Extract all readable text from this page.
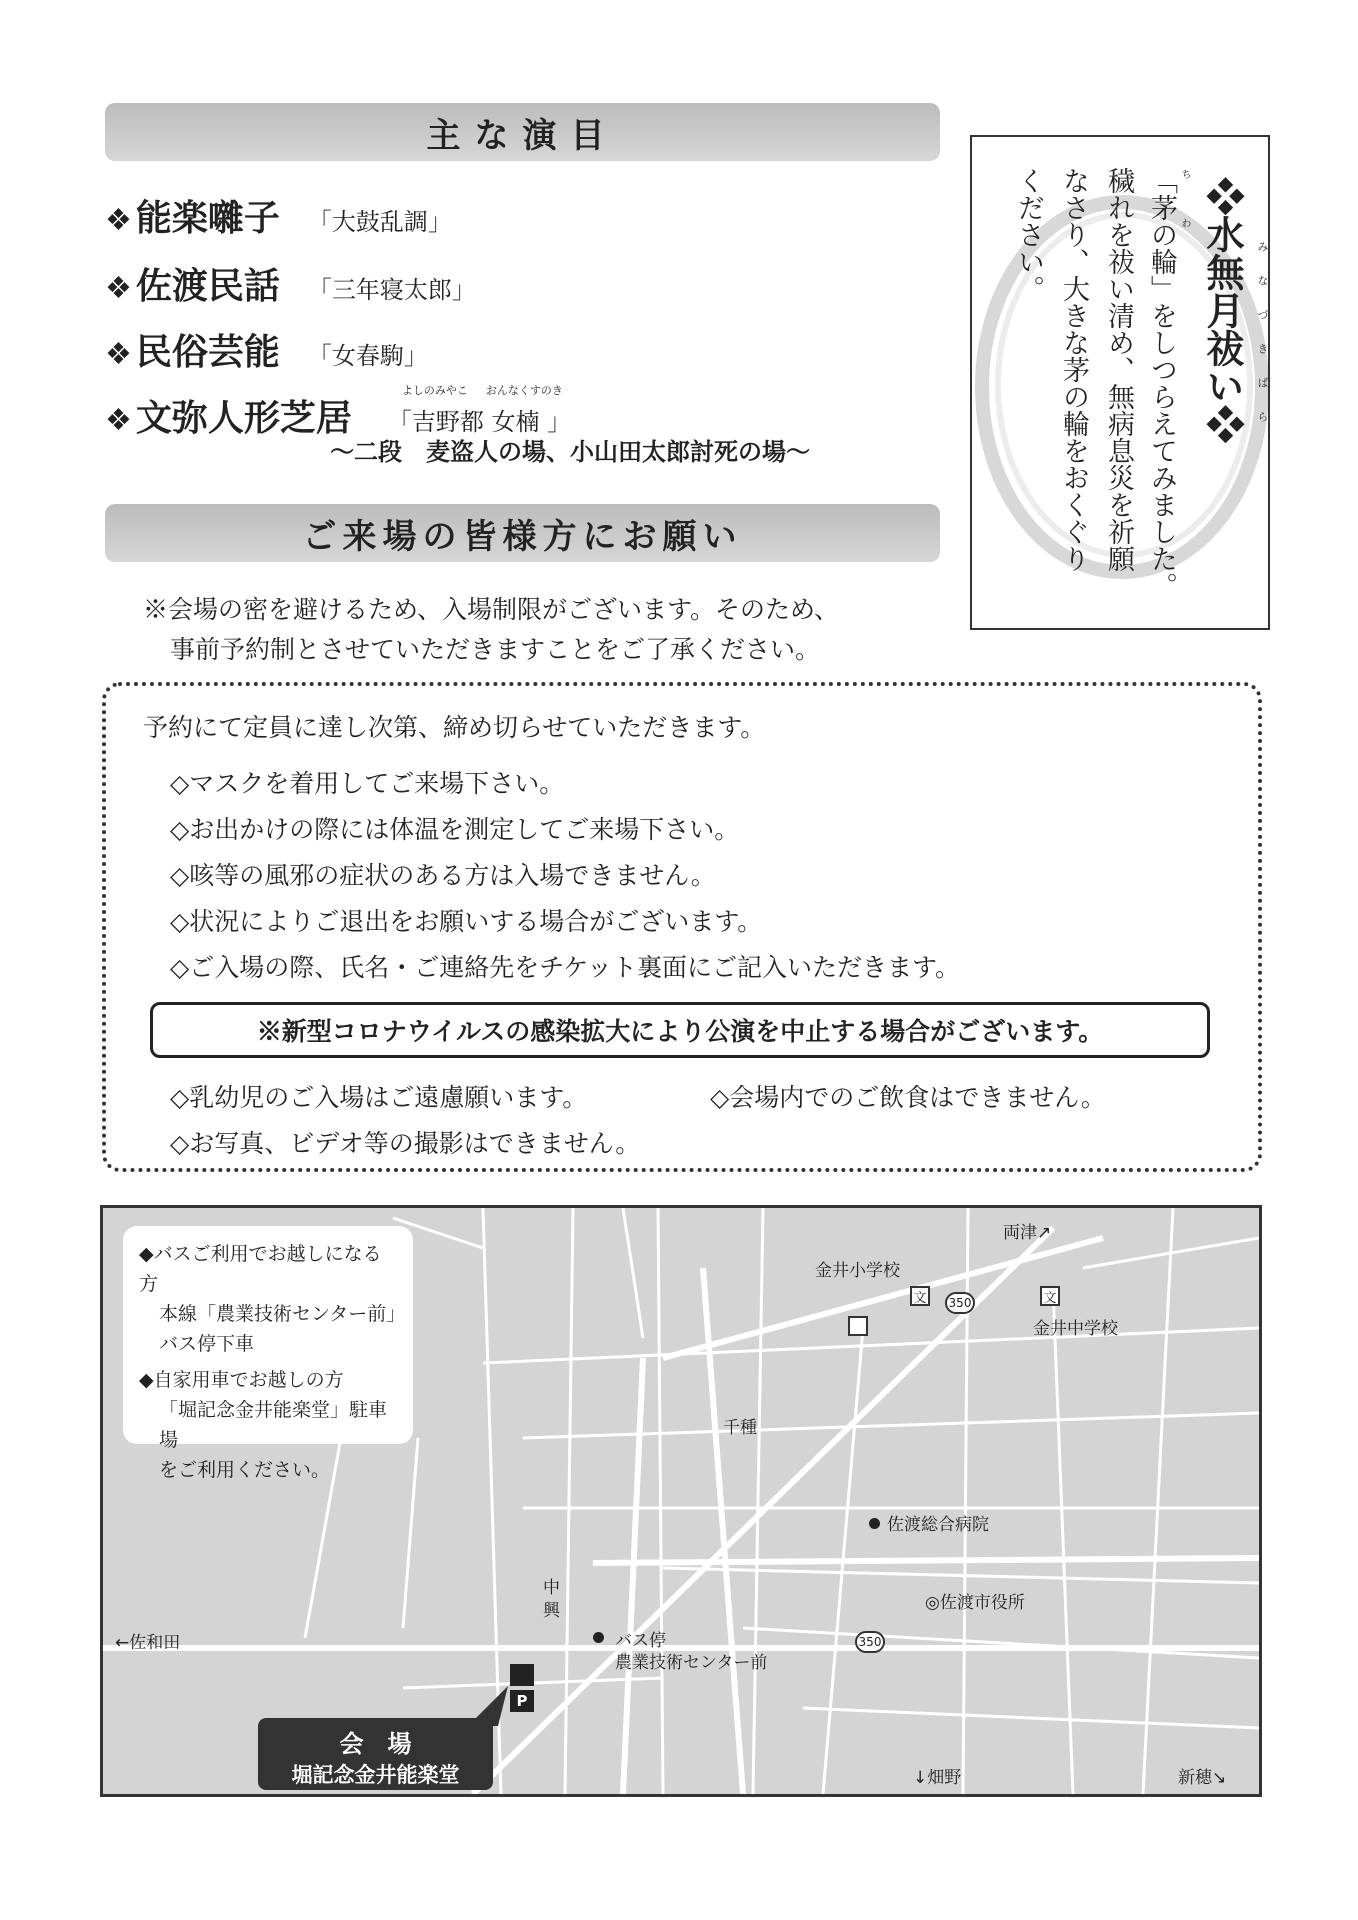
主な演目
❖ 能楽囃子 「大鼓乱調」
❖ 佐渡民話 「三年寝太郎」
❖ 民俗芸能 「女春駒」
❖ 文弥人形芝居
よしのみやこ おんなくすのき
「吉野都 女楠 」
〜二段　麦盗人の場、小山田太郎討死の場〜
❖水無月祓い❖	みなづきばら
「茅の輪」をしつらえてみました。 ち わ
穢れを祓い清め、無病息災を祈願
なさり、大きな茅の輪をおくぐり
ください。
ご来場の皆様方にお願い
※会場の密を避けるため、入場制限がございます。そのため、
事前予約制とさせていただきますことをご了承ください。
予約にて定員に達し次第、締め切らせていただきます。
◇マスクを着用してご来場下さい。
◇お出かけの際には体温を測定してご来場下さい。
◇咳等の風邪の症状のある方は入場できません。
◇状況によりご退出をお願いする場合がございます。
◇ご入場の際、氏名・ご連絡先をチケット裏面にご記入いただきます。
※新型コロナウイルスの感染拡大により公演を中止する場合がございます。
◇乳幼児のご入場はご遠慮願います。	◇会場内でのご飲食はできません。
◇お写真、ビデオ等の撮影はできません。
◆バスご利用でお越しになる方
本線「農業技術センター前」
バス停下車
◆自家用車でお越しの方
「堀記念金井能楽堂」駐車場
をご利用ください。
両津↗
金井小学校
文	文
金井中学校
350
千種
佐渡総合病院
◎佐渡市役所
350
中
興
←佐和田	バス停
農業技術センター前
P
↓畑野	新穂↘
会　場
堀記念金井能楽堂
